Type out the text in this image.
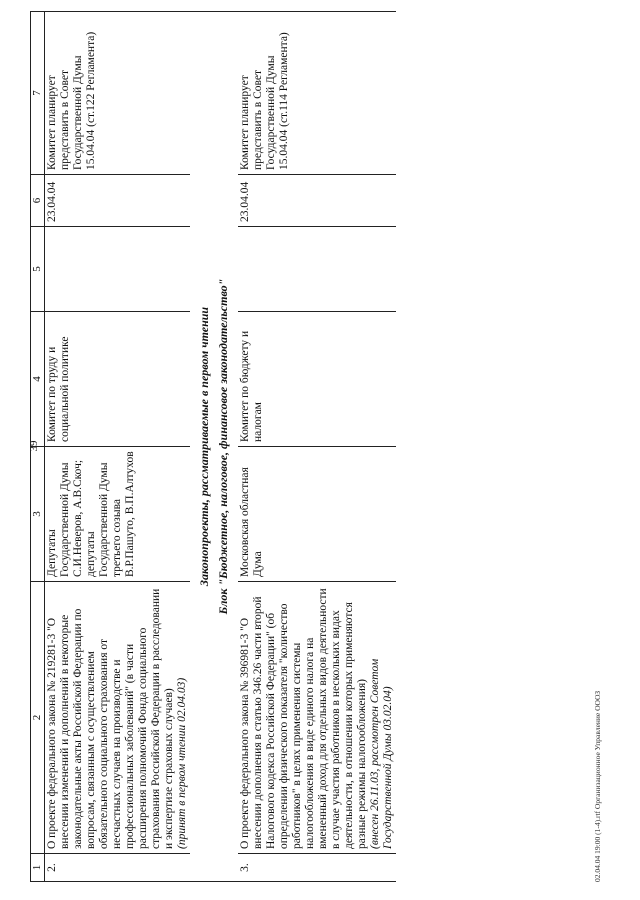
39
1	2	3	4	5	6	7
2.	О проекте федерального закона № 219281-3 "О внесении изменений и дополнений в некоторые законодательные акты Российской Федерации по вопросам, связанным с осуществлением обязательного социального страхования от несчастных случаев на производстве и профессиональных заболеваний" (в части расширения полномочий Фонда социального страхования Российской Федерации в расследовании и экспертизе страховых случаев) (принят в первом чтении 02.04.03)	Депутаты Государственной Думы С.И.Неверов, А.В.Скоч; депутаты Государственной Думы третьего созыва В.Р.Пашуто, В.П.Алтухов	Комитет по труду и социальной политике		23.04.04	Комитет планирует представить в Совет Государственной Думы 15.04.04 (ст.122 Регламента)
Законопроекты, рассматриваемые в первом чтении						
Блок "Бюджетное, налоговое, финансовое законодательство"						
3.	О проекте федерального закона № 396981-3 "О внесении дополнения в статью 346.26 части второй Налогового кодекса Российской Федерации" (об определении физического показателя "количество работников" в целях применения системы налогообложения в виде единого налога на вмененный доход для отдельных видов деятельности в случае участия работников в нескольких видах деятельности, в отношении которых применяются разные режимы налогообложения) (внесен 26.11.03, рассмотрен Советом Государственной Думы 03.02.04)	Московская областная Дума	Комитет по бюджету и налогам		23.04.04	Комитет планирует представить в Совет Государственной Думы 15.04.04 (ст.114 Регламента)
02.04.04 19:00 (1-4).rtf Организационное Управление ОООЗ
